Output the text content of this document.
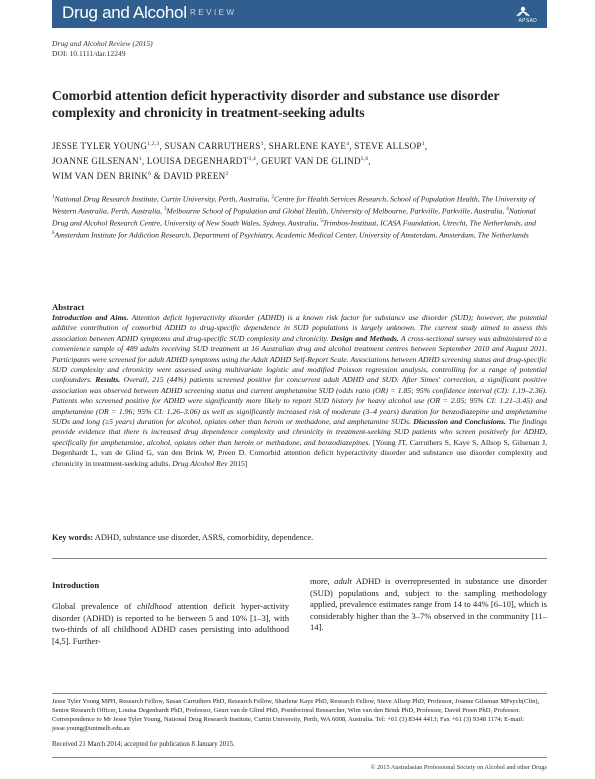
Drug and Alcohol REVIEW
APSAD
Drug and Alcohol Review (2015)
DOI: 10.1111/dar.12249
Comorbid attention deficit hyperactivity disorder and substance use disorder complexity and chronicity in treatment-seeking adults
JESSE TYLER YOUNG$^{1,2,3}$, SUSAN CARRUTHERS$^1$, SHARLENE KAYE$^4$, STEVE ALLSOP$^1$,
JOANNE GILSENAN$^1$, LOUISA DEGENHARDT$^{3,4}$, GEURT VAN DE GLIND$^{5,6}$,
WIM VAN DEN BRINK$^6$ & DAVID PREEN$^2$
$^1$National Drug Research Institute, Curtin University, Perth, Australia, $^2$Centre for Health Services Research, School of Population Health, The University of Western Australia, Perth, Australia, $^3$Melbourne School of Population and Global Health, University of Melbourne, Parkville, Parkville, Australia, $^4$National Drug and Alcohol Research Centre, University of New South Wales, Sydney, Australia, $^5$Trimbos-Instituut, ICASA Foundation, Utrecht, The Netherlands, and $^6$Amsterdam Institute for Addiction Research, Department of Psychiatry, Academic Medical Center, University of Amsterdam, Amsterdam, The Netherlands
Abstract
Introduction and Aims. Attention deficit hyperactivity disorder (ADHD) is a known risk factor for substance use disorder (SUD); however, the potential additive contribution of comorbid ADHD to drug-specific dependence in SUD populations is largely unknown. The current study aimed to assess this association between ADHD symptoms and drug-specific SUD complexity and chronicity. Design and Methods. A cross-sectional survey was administered to a convenience sample of 489 adults receiving SUD treatment at 16 Australian drug and alcohol treatment centres between September 2010 and August 2011. Participants were screened for adult ADHD symptoms using the Adult ADHD Self-Report Scale. Associations between ADHD screening status and drug-specific SUD complexity and chronicity were assessed using multivariate logistic and modified Poisson regression analysis, controlling for a range of potential confounders. Results. Overall, 215 (44%) patients screened positive for concurrent adult ADHD and SUD. After Simes' correction, a significant positive association was observed between ADHD screening status and current amphetamine SUD (odds ratio (OR) = 1.85; 95% confidence interval (CI): 1.19–2.36). Patients who screened positive for ADHD were significantly more likely to report SUD history for heavy alcohol use (OR = 2.05; 95% CI: 1.21–3.45) and amphetamine (OR = 1.96; 95% CI: 1.26–3.06) as well as significantly increased risk of moderate (3–4 years) duration for benzodiazepine and amphetamine SUDs and long (≥5 years) duration for alcohol, opiates other than heroin or methadone, and amphetamine SUDs. Discussion and Conclusions. The findings provide evidence that there is increased drug dependence complexity and chronicity in treatment-seeking SUD patients who screen positively for ADHD, specifically for amphetamine, alcohol, opiates other than heroin or methadone, and benzodiazepines. [Young JT, Carruthers S, Kaye S, Allsop S, Gilsenan J, Degenhardt L, van de Glind G, van den Brink W, Preen D. Comorbid attention deficit hyperactivity disorder and substance use disorder complexity and chronicity in treatment-seeking adults. Drug Alcohol Rev 2015]
Key words: ADHD, substance use disorder, ASRS, comorbidity, dependence.
Introduction
Global prevalence of childhood attention deficit hyper-activity disorder (ADHD) is reported to be between 5 and 10% [1–3], with two-thirds of all childhood ADHD cases persisting into adulthood [4,5]. Further-
more, adult ADHD is overrepresented in substance use disorder (SUD) populations and, subject to the sampling methodology applied, prevalence estimates range from 14 to 44% [6–10], which is considerably higher than the 3–7% observed in the community [11–14].
Jesse Tyler Young MPH, Research Fellow, Susan Carruthers PhD, Research Fellow, Sharlene Kaye PhD, Research Fellow, Steve Allsop PhD, Professor, Joanne Gilsenan MPsych(Clin), Senior Research Officer, Louisa Degenhardt PhD, Professor, Geurt van de Glind PhD, Postdoctoral Researcher, Wim van den Brink PhD, Professor, David Preen PhD, Professor. Correspondence to Mr Jesse Tyler Young, National Drug Research Institute, Curtin University, Perth, WA 6008, Australia. Tel: +61 (3) 8344 4413; Fax +61 (3) 9348 1174; E-mail: jesse.young@unimelb.edu.au
Received 21 March 2014; accepted for publication 8 January 2015.
© 2015 Australasian Professional Society on Alcohol and other Drugs
